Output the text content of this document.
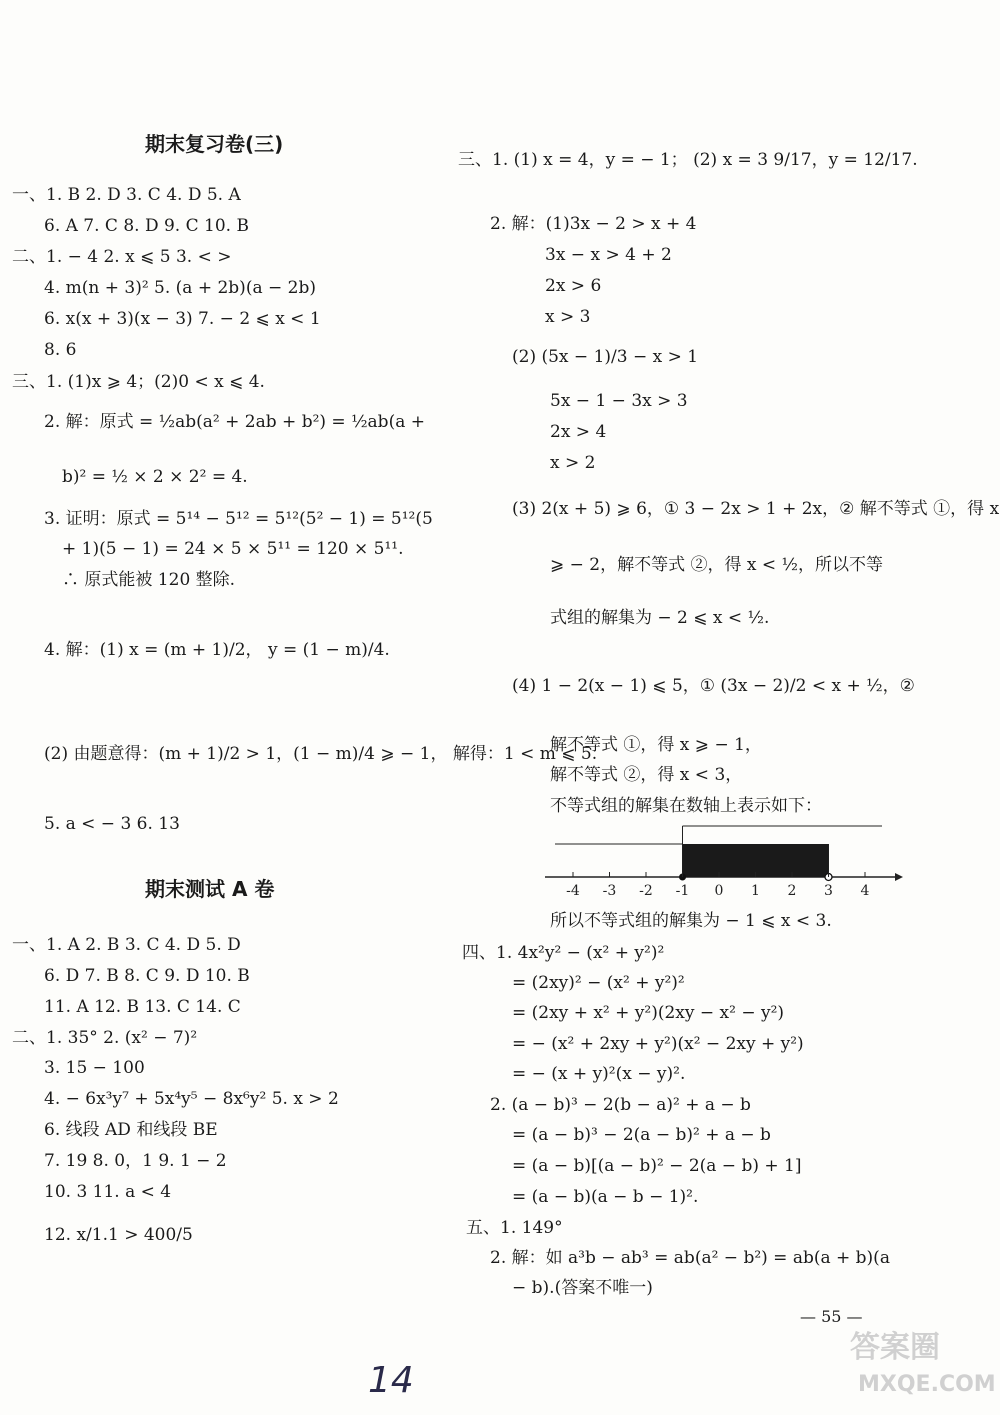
期末复习卷(三)
一、1. B 2. D 3. C 4. D 5. A
6. A 7. C 8. D 9. C 10. B
二、1. − 4 2. x ⩽ 5 3. < >
4. m(n + 3)² 5. (a + 2b)(a − 2b)
6. x(x + 3)(x − 3) 7. − 2 ⩽ x < 1
8. 6
三、1. (1)x ⩾ 4；(2)0 < x ⩽ 4.
2. 解：原式 = ½ab(a² + 2ab + b²) = ½ab(a +
b)² = ½ × 2 × 2² = 4.
3. 证明：原式 = 5¹⁴ − 5¹² = 5¹²(5² − 1) = 5¹²(5
+ 1)(5 − 1) = 24 × 5 × 5¹¹ = 120 × 5¹¹.
∴ 原式能被 120 整除.
4. 解：(1) x = (m + 1)/2， y = (1 − m)/4.
(2) 由题意得：(m + 1)/2 > 1，(1 − m)/4 ⩾ − 1， 解得：1 < m ⩽ 5.
5. a < − 3 6. 13
期末测试 A 卷
一、1. A 2. B 3. C 4. D 5. D
6. D 7. B 8. C 9. D 10. B
11. A 12. B 13. C 14. C
二、1. 35° 2. (x² − 7)²
3. 15 − 100
4. − 6x³y⁷ + 5x⁴y⁵ − 8x⁶y² 5. x > 2
6. 线段 AD 和线段 BE
7. 19 8. 0，1 9. 1 − 2
10. 3 11. a < 4
12. x/1.1 > 400/5
三、1. (1) x = 4，y = − 1； (2) x = 3 9/17，y = 12/17.
2. 解：(1)3x − 2 > x + 4
3x − x > 4 + 2
2x > 6
x > 3
(2) (5x − 1)/3 − x > 1
5x − 1 − 3x > 3
2x > 4
x > 2
(3) 2(x + 5) ⩾ 6，① 3 − 2x > 1 + 2x，② 解不等式 ①，得 x
⩾ − 2，解不等式 ②，得 x < ½，所以不等
式组的解集为 − 2 ⩽ x < ½.
(4) 1 − 2(x − 1) ⩽ 5，① (3x − 2)/2 < x + ½，②
解不等式 ①，得 x ⩾ − 1，
解不等式 ②，得 x < 3，
不等式组的解集在数轴上表示如下：
-4 -3 -2 -1 0 1 2 3 4
所以不等式组的解集为 − 1 ⩽ x < 3.
四、1. 4x²y² − (x² + y²)²
= (2xy)² − (x² + y²)²
= (2xy + x² + y²)(2xy − x² − y²)
= − (x² + 2xy + y²)(x² − 2xy + y²)
= − (x + y)²(x − y)².
2. (a − b)³ − 2(b − a)² + a − b
= (a − b)³ − 2(a − b)² + a − b
= (a − b)[(a − b)² − 2(a − b) + 1]
= (a − b)(a − b − 1)².
五、1. 149°
2. 解：如 a³b − ab³ = ab(a² − b²) = ab(a + b)(a
− b).(答案不唯一)
— 55 —
14
答案圈
MXQE.COM
